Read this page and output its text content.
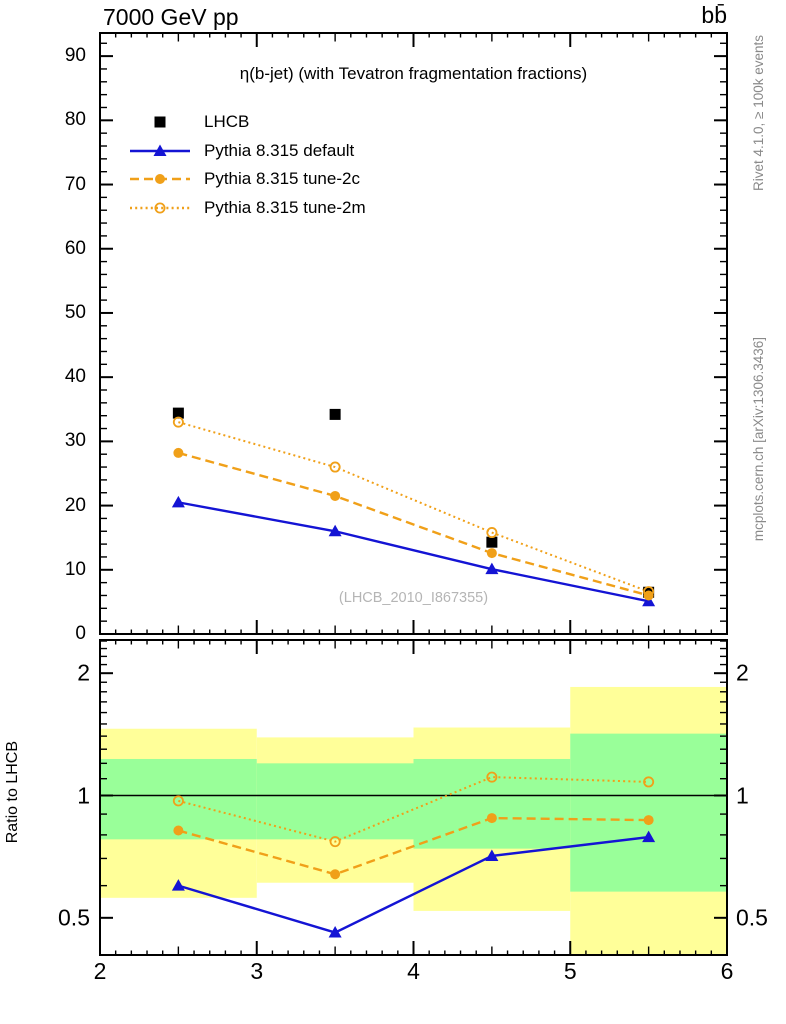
7000 GeV pp	bb̄
η(b-jet) (with Tevatron fragmentation fractions)
(LHCB_2010_I867355)
Rivet 4.1.0, ≥ 100k events
mcplots.cern.ch [arXiv:1306.3436]
Ratio to LHCB
LHCB
Pythia 8.315 default
Pythia 8.315 tune-2c
Pythia 8.315 tune-2m
0
10
20
30
40
50
60
70
80
90
0.5	0.5
1	1
2	2
2	3	4	5	6
